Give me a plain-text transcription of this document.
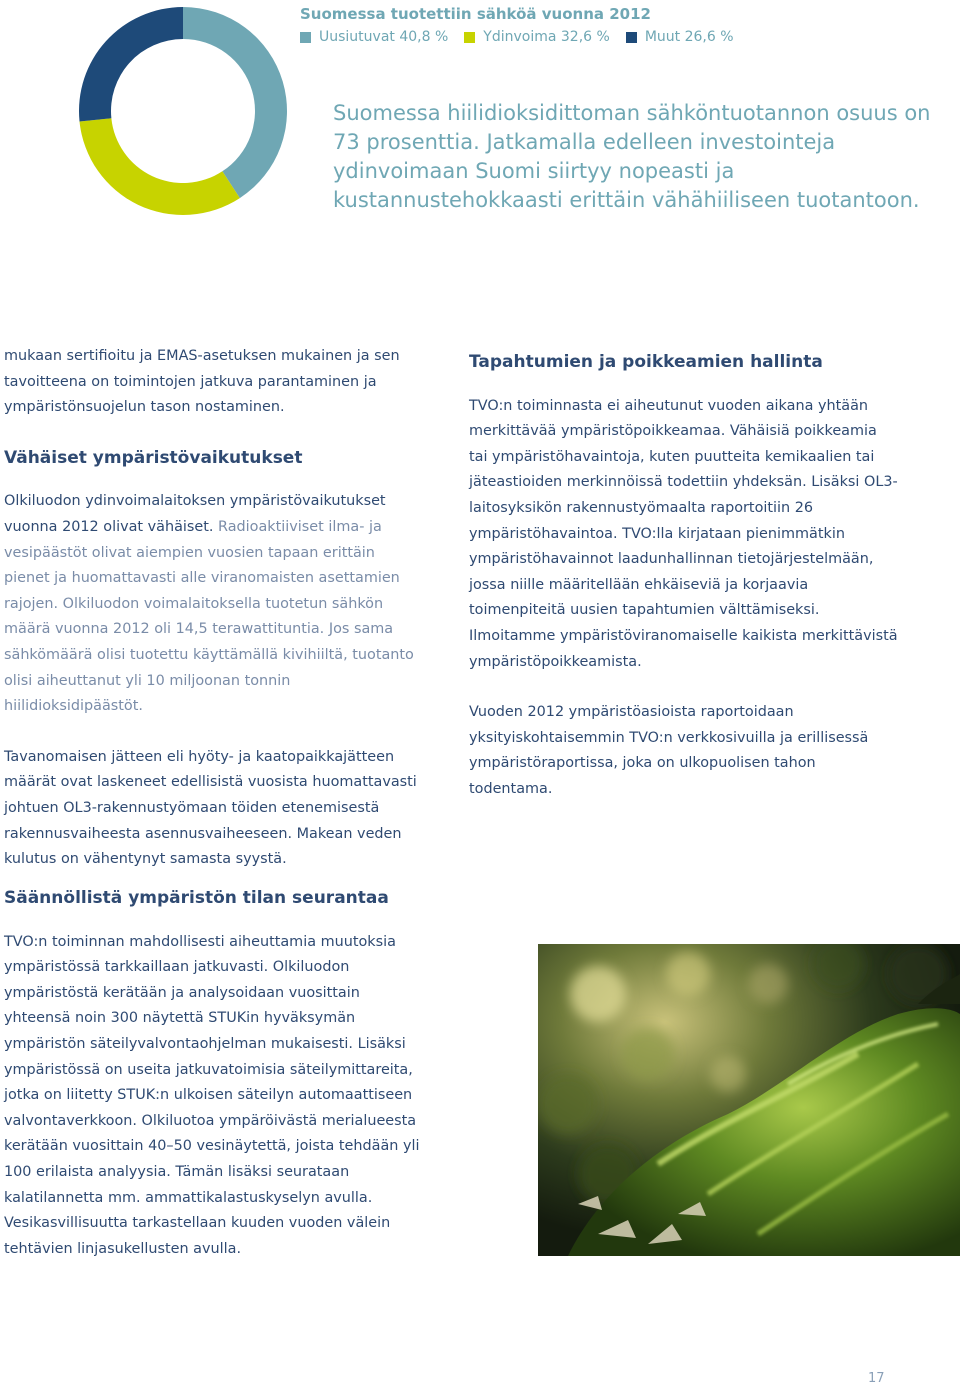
Suomessa tuotettiin sähköä vuonna 2012
Uusiutuvat 40,8 %	Ydinvoima 32,6 %	Muut 26,6 %

Suomessa hiilidioksidittoman sähköntuotannon osuus on 73 prosenttia. Jatkamalla edelleen investointeja ydinvoimaan Suomi siirtyy nopeasti ja kustannustehokkaasti erittäin vähähiiliseen tuotantoon.

mukaan sertifioitu ja EMAS-asetuksen mukainen ja sen tavoitteena on toimintojen jatkuva parantaminen ja ympäristönsuojelun tason nostaminen.

Vähäiset ympäristövaikutukset

Olkiluodon ydinvoimalaitoksen ympäristövaikutukset vuonna 2012 olivat vähäiset. Radioaktiiviset ilma- ja vesipäästöt olivat aiempien vuosien tapaan erittäin pienet ja huomattavasti alle viranomaisten asettamien rajojen. Olkiluodon voimalaitoksella tuotetun sähkön määrä vuonna 2012 oli 14,5 terawattituntia. Jos sama sähkömäärä olisi tuotettu käyttämällä kivihiiltä, tuotanto olisi aiheuttanut yli 10 miljoonan tonnin hiilidioksidipäästöt.

Tavanomaisen jätteen eli hyöty- ja kaatopaikkajätteen määrät ovat laskeneet edellisistä vuosista huomattavasti johtuen OL3-rakennustyömaan töiden etenemisestä rakennusvaiheesta asennusvaiheeseen. Makean veden kulutus on vähentynyt samasta syystä.

Tapahtumien ja poikkeamien hallinta

TVO:n toiminnasta ei aiheutunut vuoden aikana yhtään merkittävää ympäristöpoikkeamaa. Vähäisiä poikkeamia tai ympäristöhavaintoja, kuten puutteita kemikaalien tai jäteastioiden merkinnöissä todettiin yhdeksän. Lisäksi OL3-laitosyksikön rakennustyömaalta raportoitiin 26 ympäristöhavaintoa. TVO:lla kirjataan pienimmätkin ympäristöhavainnot laadunhallinnan tietojärjestelmään, jossa niille määritellään ehkäiseviä ja korjaavia toimenpiteitä uusien tapahtumien välttämiseksi. Ilmoitamme ympäristöviranomaiselle kaikista merkittävistä ympäristöpoikkeamista.

Vuoden 2012 ympäristöasioista raportoidaan yksityiskohtaisemmin TVO:n verkkosivuilla ja erillisessä ympäristöraportissa, joka on ulkopuolisen tahon todentama.

Säännöllistä ympäristön tilan seurantaa

TVO:n toiminnan mahdollisesti aiheuttamia muutoksia ympäristössä tarkkaillaan jatkuvasti. Olkiluodon ympäristöstä kerätään ja analysoidaan vuosittain yhteensä noin 300 näytettä STUKin hyväksymän ympäristön säteilyvalvontaohjelman mukaisesti. Lisäksi ympäristössä on useita jatkuvatoimisia säteilymittareita, jotka on liitetty STUK:n ulkoisen säteilyn automaattiseen valvontaverkkoon. Olkiluotoa ympäröivästä merialueesta kerätään vuosittain 40–50 vesinäytettä, joista tehdään yli 100 erilaista analyysia. Tämän lisäksi seurataan kalatilannetta mm. ammattikalastuskyselyn avulla. Vesikasvillisuutta tarkastellaan kuuden vuoden välein tehtävien linjasukellusten avulla.

17
